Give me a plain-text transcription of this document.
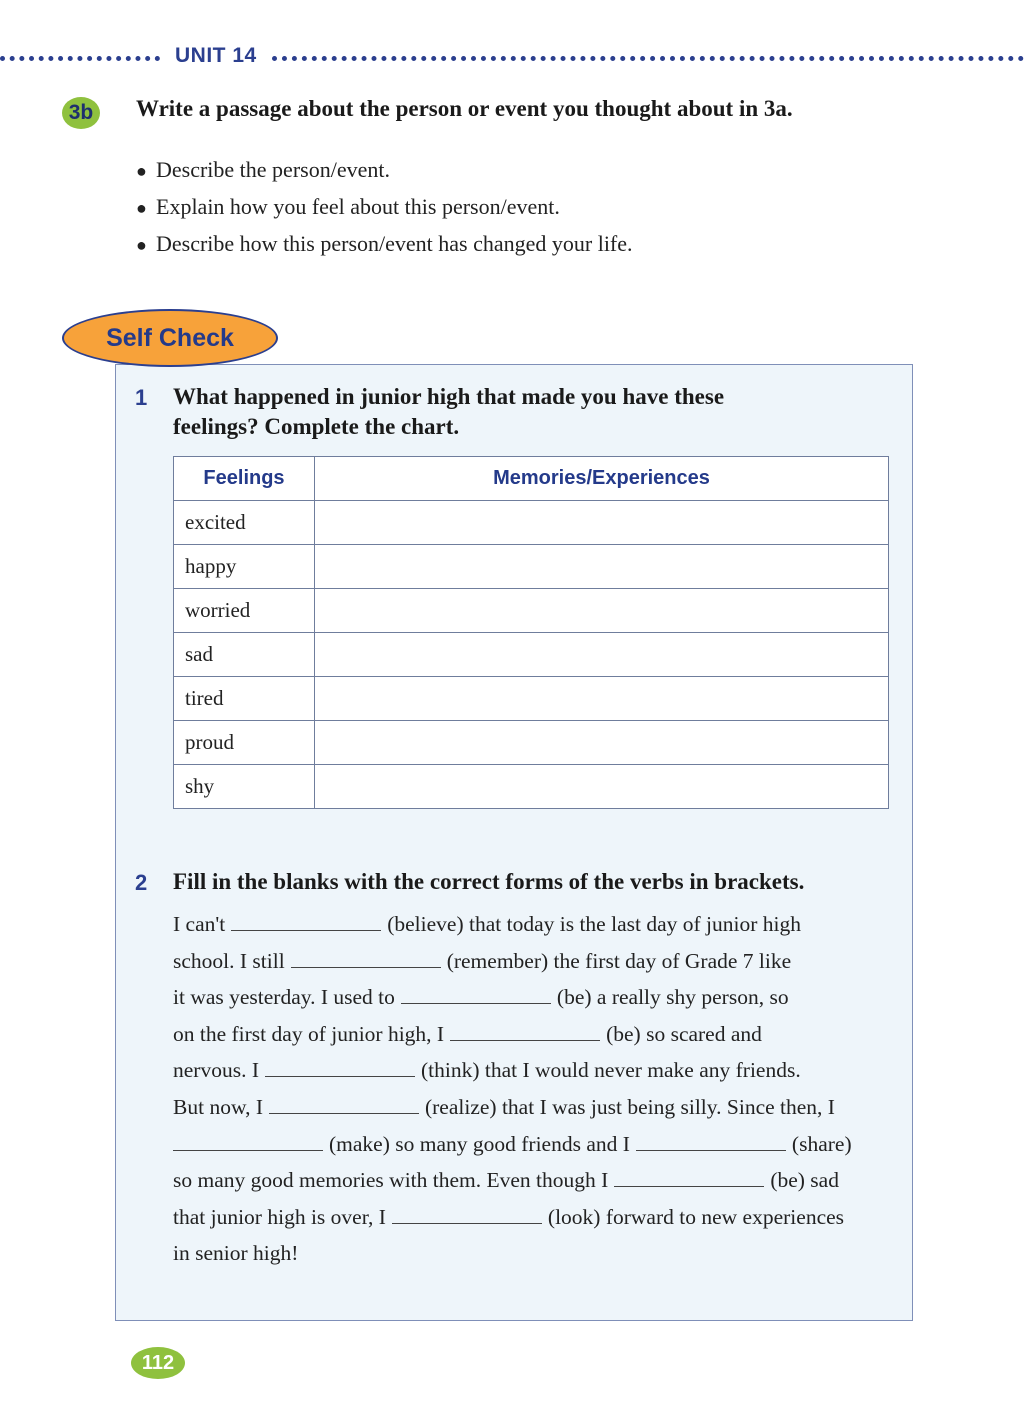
UNIT 14
3b Write a passage about the person or event you thought about in 3a.
● Describe the person/event.
● Explain how you feel about this person/event.
● Describe how this person/event has changed your life.
Self Check
1 What happened in junior high that made you have these
feelings? Complete the chart.
Feelings	Memories/Experiences
excited	
happy	
worried	
sad	
tired	
proud	
shy	
2 Fill in the blanks with the correct forms of the verbs in brackets.
I can't	(believe) that today is the last day of junior high
school. I still	(remember) the first day of Grade 7 like
it was yesterday. I used to	(be) a really shy person, so
on the first day of junior high, I	(be) so scared and
nervous. I	(think) that I would never make any friends.
But now, I	(realize) that I was just being silly. Since then, I
(make) so many good friends and I	(share)
so many good memories with them. Even though I	(be) sad
that junior high is over, I	(look) forward to new experiences
in senior high!
112
